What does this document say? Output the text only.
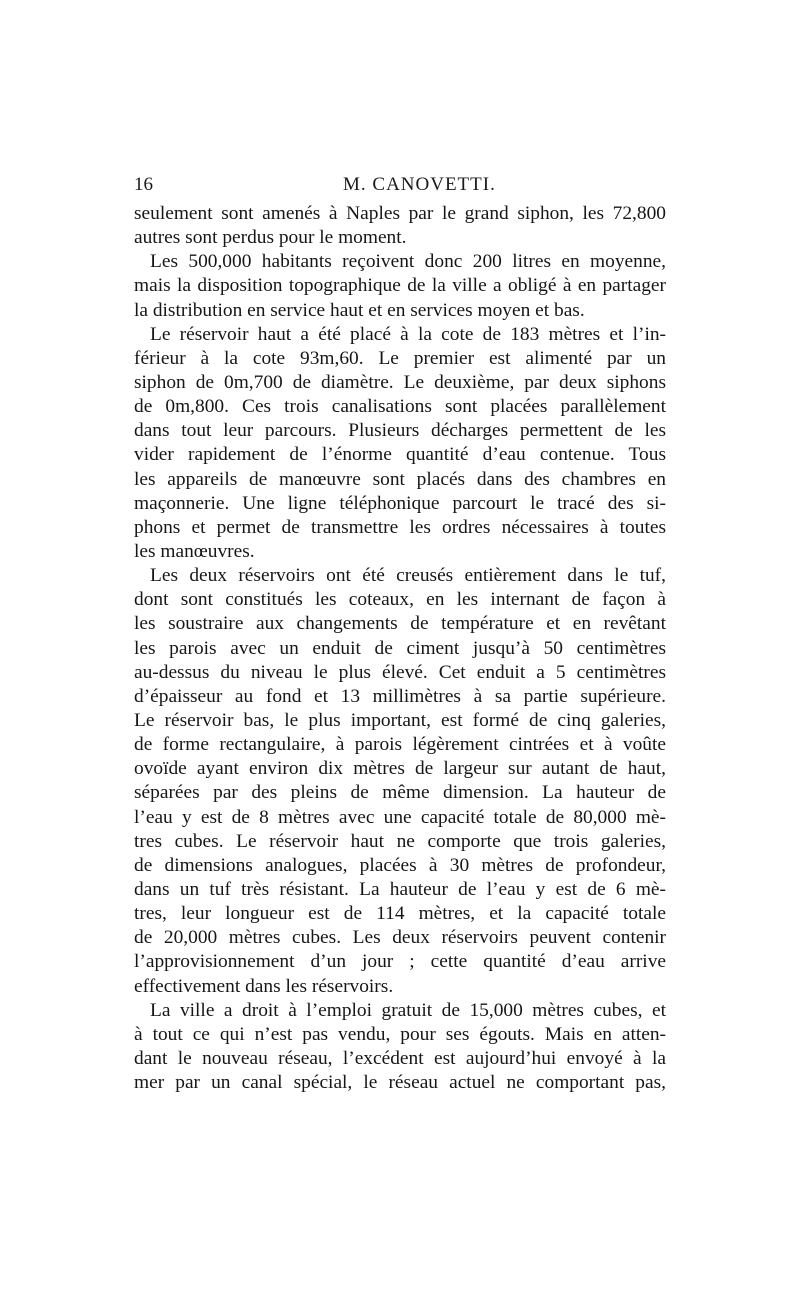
16	M. CANOVETTI.
seulement sont amenés à Naples par le grand siphon, les 72,800
autres sont perdus pour le moment.
Les 500,000 habitants reçoivent donc 200 litres en moyenne,
mais la disposition topographique de la ville a obligé à en partager
la distribution en service haut et en services moyen et bas.
Le réservoir haut a été placé à la cote de 183 mètres et l’in-
férieur à la cote 93m,60. Le premier est alimenté par un
siphon de 0m,700 de diamètre. Le deuxième, par deux siphons
de 0m,800. Ces trois canalisations sont placées parallèlement
dans tout leur parcours. Plusieurs décharges permettent de les
vider rapidement de l’énorme quantité d’eau contenue. Tous
les appareils de manœuvre sont placés dans des chambres en
maçonnerie. Une ligne téléphonique parcourt le tracé des si-
phons et permet de transmettre les ordres nécessaires à toutes
les manœuvres.
Les deux réservoirs ont été creusés entièrement dans le tuf,
dont sont constitués les coteaux, en les internant de façon à
les soustraire aux changements de température et en revêtant
les parois avec un enduit de ciment jusqu’à 50 centimètres
au-dessus du niveau le plus élevé. Cet enduit a 5 centimètres
d’épaisseur au fond et 13 millimètres à sa partie supérieure.
Le réservoir bas, le plus important, est formé de cinq galeries,
de forme rectangulaire, à parois légèrement cintrées et à voûte
ovoïde ayant environ dix mètres de largeur sur autant de haut,
séparées par des pleins de même dimension. La hauteur de
l’eau y est de 8 mètres avec une capacité totale de 80,000 mè-
tres cubes. Le réservoir haut ne comporte que trois galeries,
de dimensions analogues, placées à 30 mètres de profondeur,
dans un tuf très résistant. La hauteur de l’eau y est de 6 mè-
tres, leur longueur est de 114 mètres, et la capacité totale
de 20,000 mètres cubes. Les deux réservoirs peuvent contenir
l’approvisionnement d’un jour ; cette quantité d’eau arrive
effectivement dans les réservoirs.
La ville a droit à l’emploi gratuit de 15,000 mètres cubes, et
à tout ce qui n’est pas vendu, pour ses égouts. Mais en atten-
dant le nouveau réseau, l’excédent est aujourd’hui envoyé à la
mer par un canal spécial, le réseau actuel ne comportant pas,
